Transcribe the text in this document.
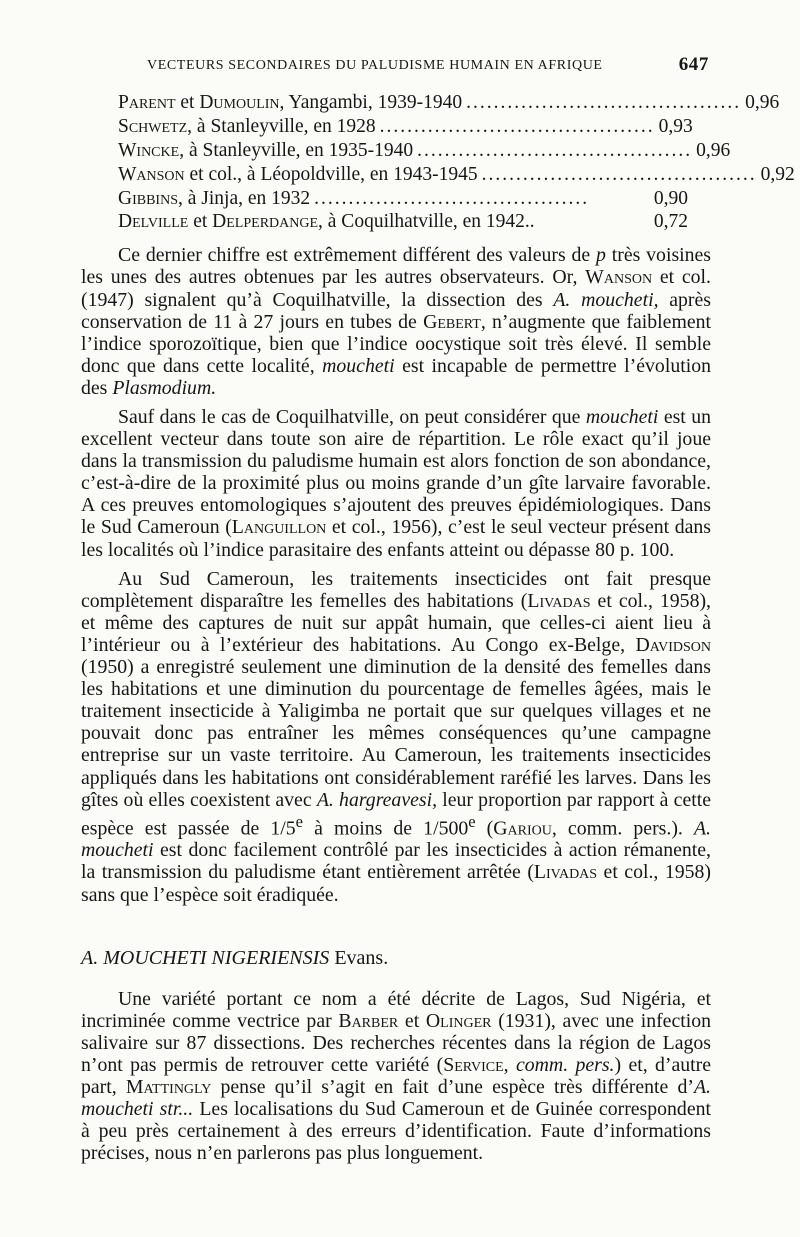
VECTEURS SECONDAIRES DU PALUDISME HUMAIN EN AFRIQUE	647
Parent et Dumoulin, Yangambi, 1939-1940 ........................................ 0,96
Schwetz, à Stanleyville, en 1928 ........................................ 0,93
Wincke, à Stanleyville, en 1935-1940 ........................................ 0,96
Wanson et col., à Léopoldville, en 1943-1945 ........................................ 0,92
Gibbins, à Jinja, en 1932 ........................................	0,90
Delville et Delperdange, à Coquilhatville, en 1942..	0,72

Ce dernier chiffre est extrêmement différent des valeurs de p très voisines les unes des autres obtenues par les autres observateurs. Or, Wanson et col. (1947) signalent qu’à Coquilhatville, la dissection des A. moucheti, après conservation de 11 à 27 jours en tubes de Gebert, n’augmente que faiblement l’indice sporozoïtique, bien que l’indice oocystique soit très élevé. Il semble donc que dans cette localité, moucheti est incapable de permettre l’évolution des Plasmodium.

Sauf dans le cas de Coquilhatville, on peut considérer que moucheti est un excellent vecteur dans toute son aire de répartition. Le rôle exact qu’il joue dans la transmission du paludisme humain est alors fonction de son abondance, c’est-à-dire de la proximité plus ou moins grande d’un gîte larvaire favorable. A ces preuves entomologiques s’ajoutent des preuves épidémiologiques. Dans le Sud Cameroun (Languillon et col., 1956), c’est le seul vecteur présent dans les localités où l’indice parasitaire des enfants atteint ou dépasse 80 p. 100.

Au Sud Cameroun, les traitements insecticides ont fait presque complètement disparaître les femelles des habitations (Livadas et col., 1958), et même des captures de nuit sur appât humain, que celles-ci aient lieu à l’intérieur ou à l’extérieur des habitations. Au Congo ex-Belge, Davidson (1950) a enregistré seulement une diminution de la densité des femelles dans les habitations et une diminution du pourcentage de femelles âgées, mais le traitement insecticide à Yaligimba ne portait que sur quelques villages et ne pouvait donc pas entraîner les mêmes conséquences qu’une campagne entreprise sur un vaste territoire. Au Cameroun, les traitements insecticides appliqués dans les habitations ont considérablement raréfié les larves. Dans les gîtes où elles coexistent avec A. hargreavesi, leur proportion par rapport à cette espèce est passée de 1/5e à moins de 1/500e (Gariou, comm. pers.). A. moucheti est donc facilement contrôlé par les insecticides à action rémanente, la transmission du paludisme étant entièrement arrêtée (Livadas et col., 1958) sans que l’espèce soit éradiquée.

A. MOUCHETI NIGERIENSIS Evans.

Une variété portant ce nom a été décrite de Lagos, Sud Nigéria, et incriminée comme vectrice par Barber et Olinger (1931), avec une infection salivaire sur 87 dissections. Des recherches récentes dans la région de Lagos n’ont pas permis de retrouver cette variété (Service, comm. pers.) et, d’autre part, Mattingly pense qu’il s’agit en fait d’une espèce très différente d’A. moucheti str... Les localisations du Sud Cameroun et de Guinée correspondent à peu près certainement à des erreurs d’identification. Faute d’informations précises, nous n’en parlerons pas plus longuement.
